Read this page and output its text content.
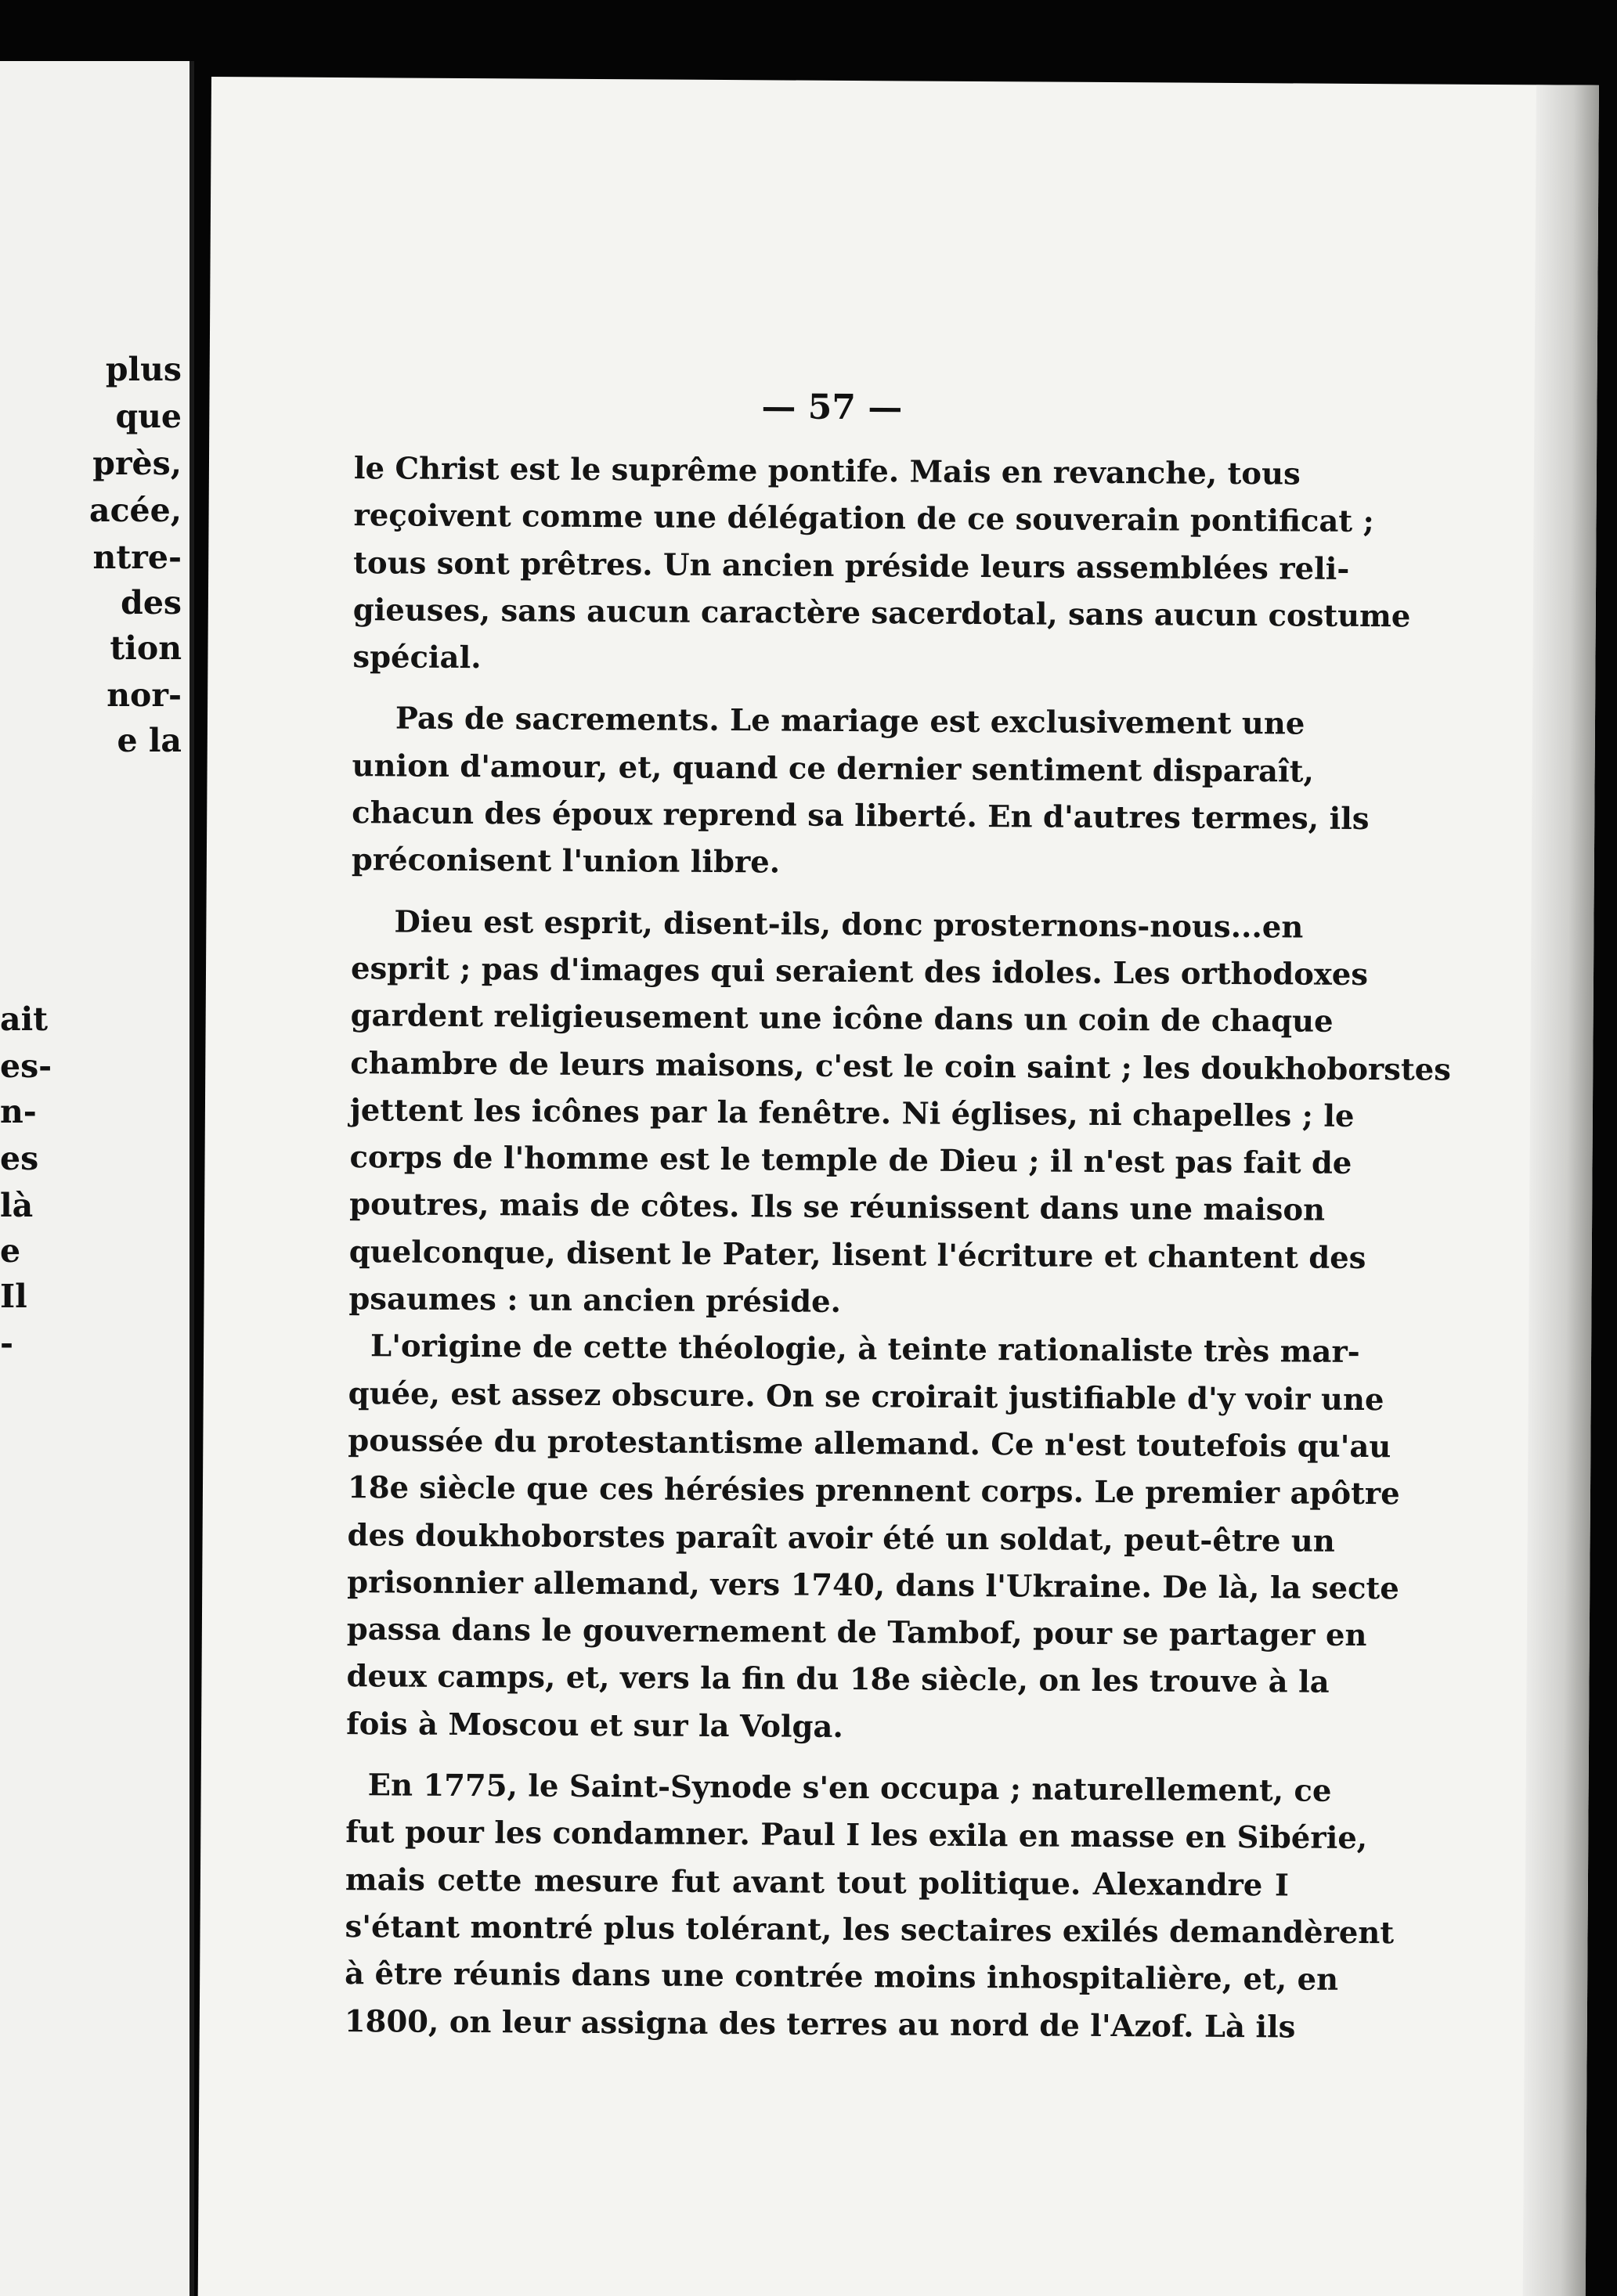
plus
que
près,
acée,
ntre-
des
tion
nor-
e la
ait
es-
n-
es
là
e
Il
-
— 57 —
le Christ est le suprême pontife. Mais en revanche, tous
reçoivent comme une délégation de ce souverain pontificat ;
tous sont prêtres. Un ancien préside leurs assemblées reli-
gieuses, sans aucun caractère sacerdotal, sans aucun costume
spécial.
Pas de sacrements. Le mariage est exclusivement une
union d'amour, et, quand ce dernier sentiment disparaît,
chacun des époux reprend sa liberté. En d'autres termes, ils
préconisent l'union libre.
Dieu est esprit, disent-ils, donc prosternons-nous...en
esprit ; pas d'images qui seraient des idoles. Les orthodoxes
gardent religieusement une icône dans un coin de chaque
chambre de leurs maisons, c'est le coin saint ; les doukhoborstes
jettent les icônes par la fenêtre. Ni églises, ni chapelles ; le
corps de l'homme est le temple de Dieu ; il n'est pas fait de
poutres, mais de côtes. Ils se réunissent dans une maison
quelconque, disent le Pater, lisent l'écriture et chantent des
psaumes : un ancien préside.
L'origine de cette théologie, à teinte rationaliste très mar-
quée, est assez obscure. On se croirait justifiable d'y voir une
poussée du protestantisme allemand. Ce n'est toutefois qu'au
18e siècle que ces hérésies prennent corps. Le premier apôtre
des doukhoborstes paraît avoir été un soldat, peut-être un
prisonnier allemand, vers 1740, dans l'Ukraine. De là, la secte
passa dans le gouvernement de Tambof, pour se partager en
deux camps, et, vers la fin du 18e siècle, on les trouve à la
fois à Moscou et sur la Volga.
En 1775, le Saint-Synode s'en occupa ; naturellement, ce
fut pour les condamner. Paul I les exila en masse en Sibérie,
mais cette mesure fut avant tout politique. Alexandre I
s'étant montré plus tolérant, les sectaires exilés demandèrent
à être réunis dans une contrée moins inhospitalière, et, en
1800, on leur assigna des terres au nord de l'Azof. Là ils
